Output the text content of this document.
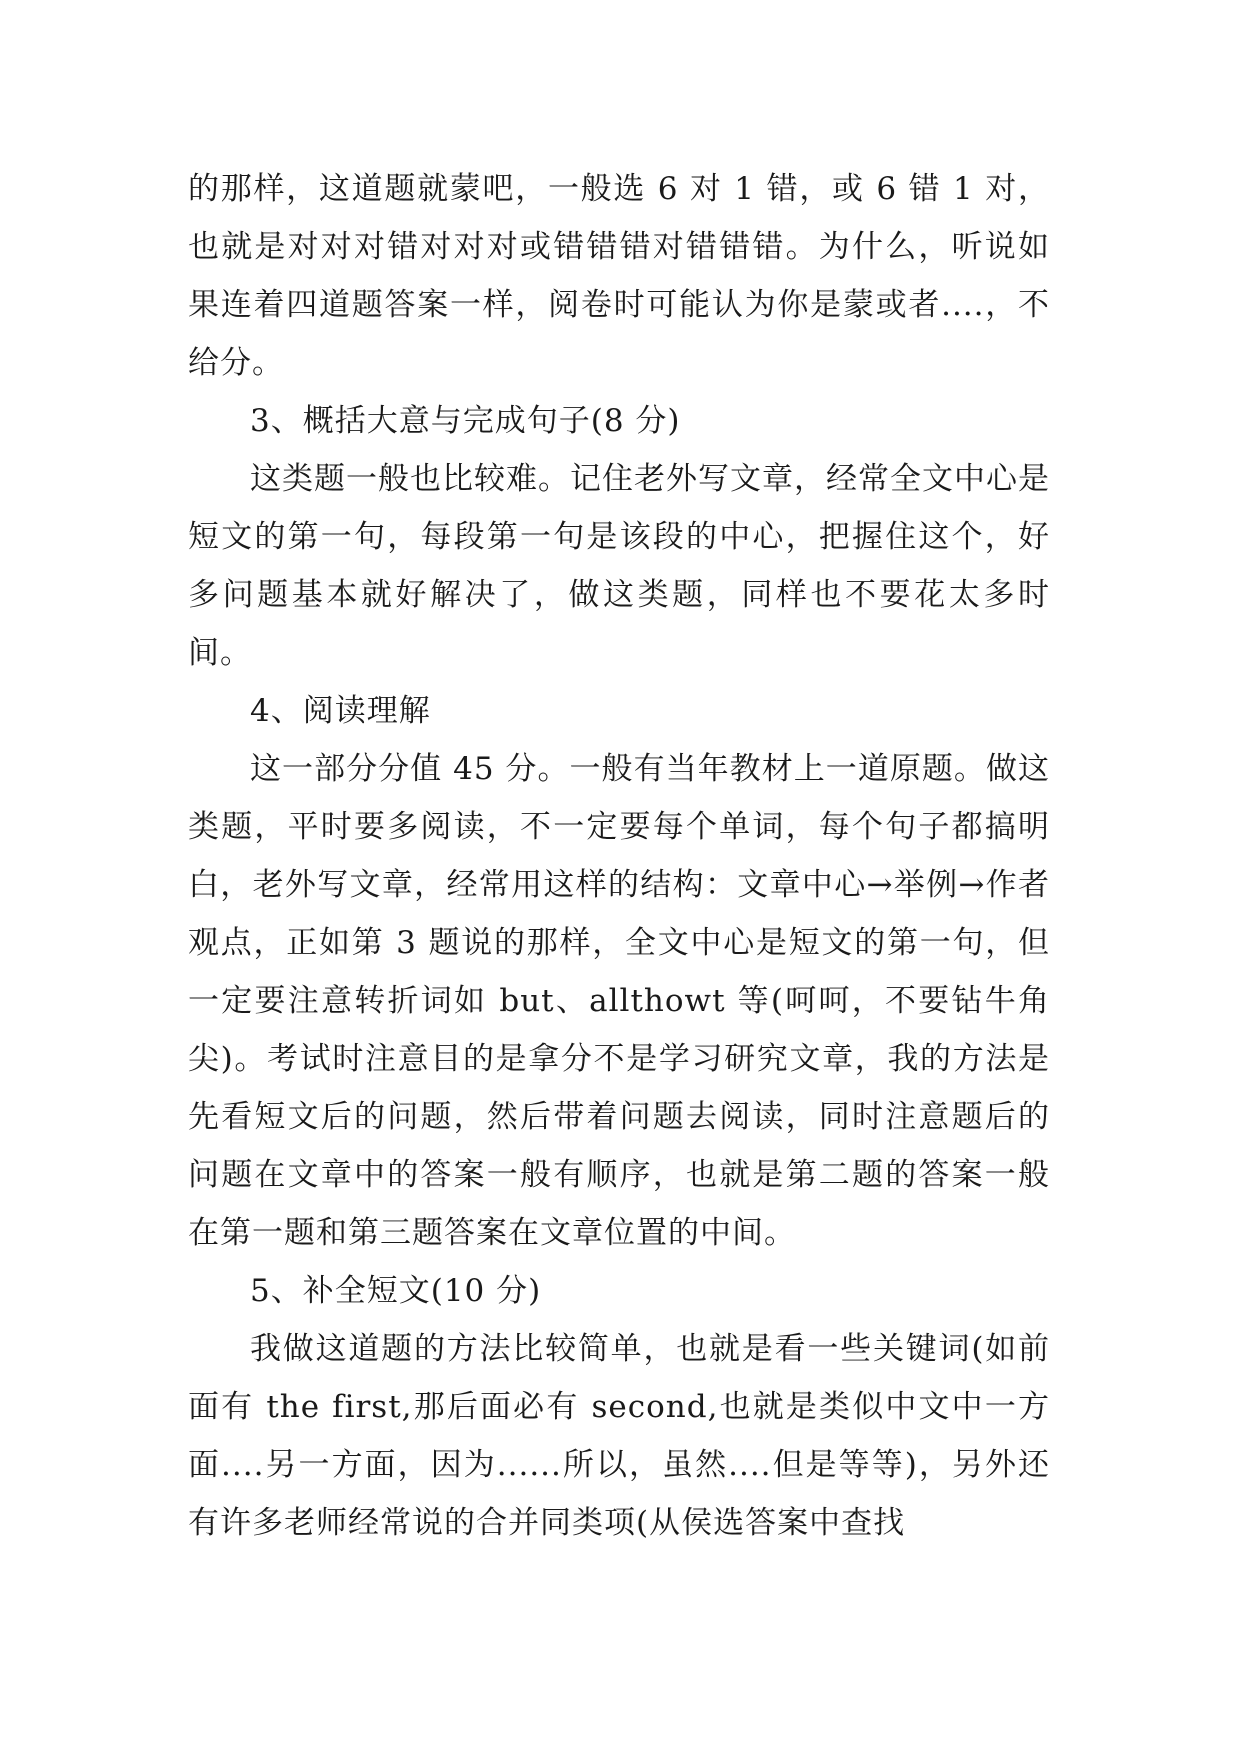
的那样，这道题就蒙吧，一般选 6 对 1 错，或 6 错 1 对，也就是对对对错对对对或错错错对错错错。为什么，听说如果连着四道题答案一样，阅卷时可能认为你是蒙或者....，不给分。

3、概括大意与完成句子(8 分)

这类题一般也比较难。记住老外写文章，经常全文中心是短文的第一句，每段第一句是该段的中心，把握住这个，好多问题基本就好解决了，做这类题，同样也不要花太多时间。

4、阅读理解

这一部分分值 45 分。一般有当年教材上一道原题。做这类题，平时要多阅读，不一定要每个单词，每个句子都搞明白，老外写文章，经常用这样的结构：文章中心→举例→作者观点，正如第 3 题说的那样，全文中心是短文的第一句，但一定要注意转折词如 but、allthowt 等(呵呵，不要钻牛角尖)。考试时注意目的是拿分不是学习研究文章，我的方法是先看短文后的问题，然后带着问题去阅读，同时注意题后的问题在文章中的答案一般有顺序，也就是第二题的答案一般在第一题和第三题答案在文章位置的中间。

5、补全短文(10 分)

我做这道题的方法比较简单，也就是看一些关键词(如前面有 the first,那后面必有 second,也就是类似中文中一方面....另一方面，因为......所以，虽然....但是等等)，另外还有许多老师经常说的合并同类项(从侯选答案中查找
